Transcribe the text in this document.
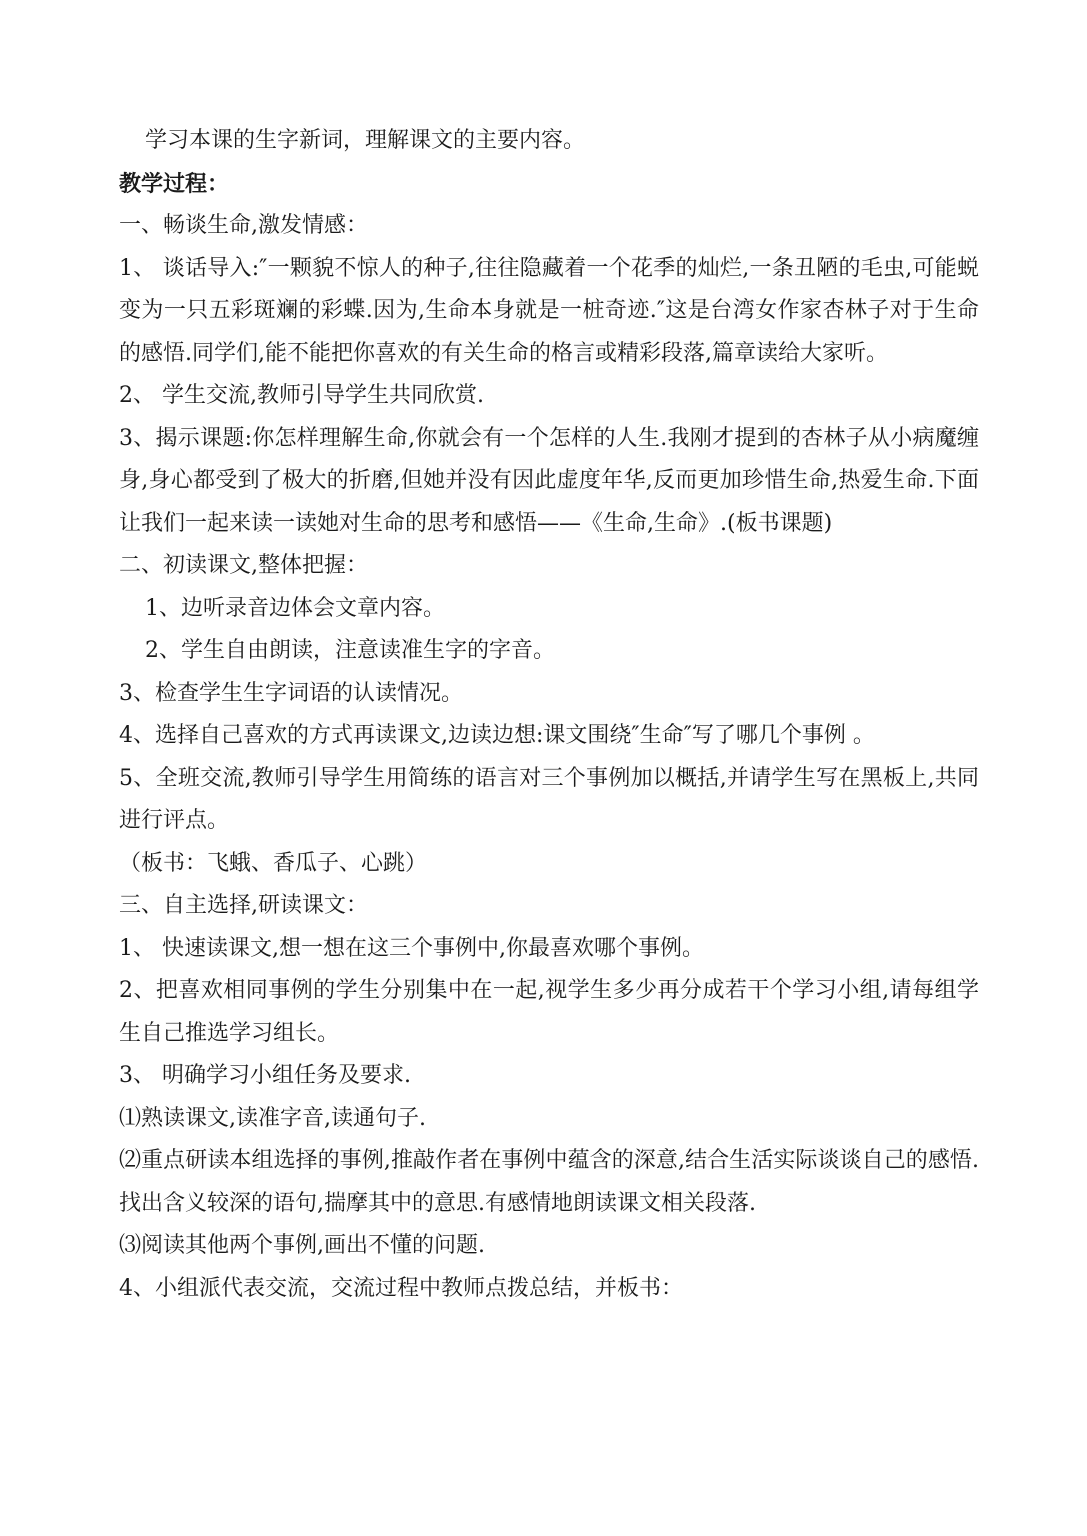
学习本课的生字新词，理解课文的主要内容。

教学过程：

一、畅谈生命,激发情感：

1、 谈话导入:″一颗貌不惊人的种子,往往隐藏着一个花季的灿烂,一条丑陋的毛虫,可能蜕变为一只五彩斑斓的彩蝶.因为,生命本身就是一桩奇迹.″这是台湾女作家杏林子对于生命的感悟.同学们,能不能把你喜欢的有关生命的格言或精彩段落,篇章读给大家听。

2、 学生交流,教师引导学生共同欣赏.

3、揭示课题:你怎样理解生命,你就会有一个怎样的人生.我刚才提到的杏林子从小病魔缠身,身心都受到了极大的折磨,但她并没有因此虚度年华,反而更加珍惜生命,热爱生命.下面让我们一起来读一读她对生命的思考和感悟——《生命,生命》.(板书课题)

二、初读课文,整体把握：

1、边听录音边体会文章内容。

2、学生自由朗读，注意读准生字的字音。

3、检查学生生字词语的认读情况。

4、选择自己喜欢的方式再读课文,边读边想:课文围绕″生命″写了哪几个事例 。

5、全班交流,教师引导学生用简练的语言对三个事例加以概括,并请学生写在黑板上,共同进行评点。

（板书：飞蛾、香瓜子、心跳）

三、自主选择,研读课文：

1、 快速读课文,想一想在这三个事例中,你最喜欢哪个事例。

2、把喜欢相同事例的学生分别集中在一起,视学生多少再分成若干个学习小组,请每组学生自己推选学习组长。

3、 明确学习小组任务及要求.

⑴熟读课文,读准字音,读通句子.

⑵重点研读本组选择的事例,推敲作者在事例中蕴含的深意,结合生活实际谈谈自己的感悟.找出含义较深的语句,揣摩其中的意思.有感情地朗读课文相关段落.

⑶阅读其他两个事例,画出不懂的问题.

4、小组派代表交流，交流过程中教师点拨总结，并板书：
